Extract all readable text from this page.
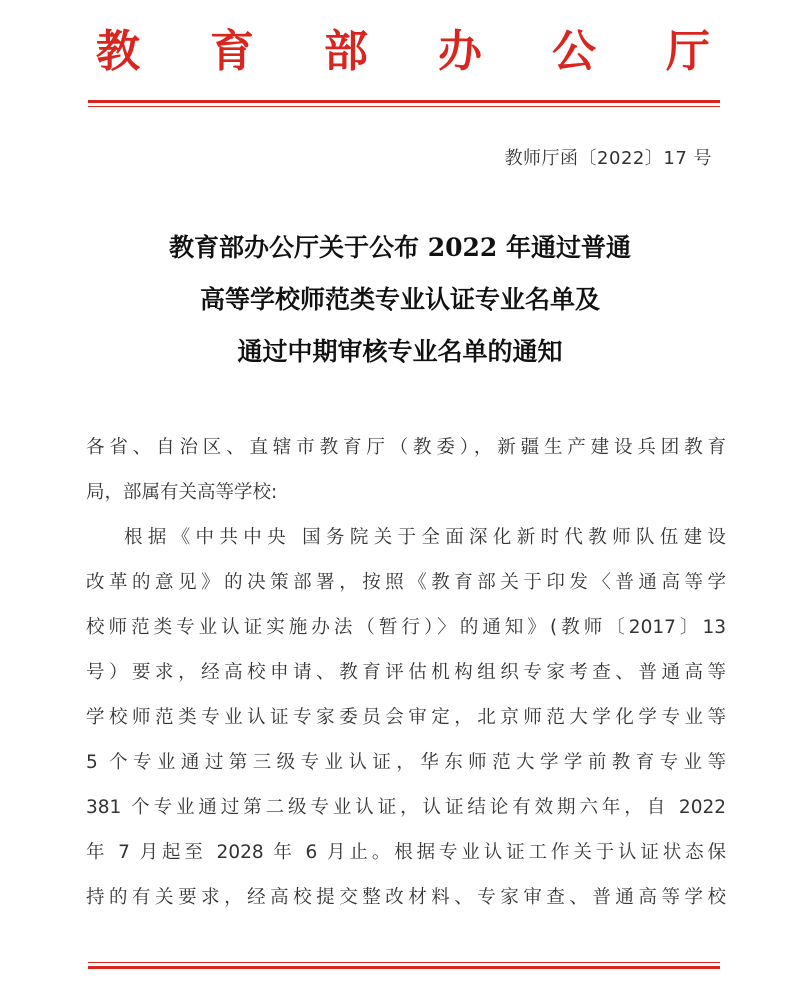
教 育 部 办 公 厅
教师厅函〔2022〕17 号
教育部办公厅关于公布 2022 年通过普通
高等学校师范类专业认证专业名单及
通过中期审核专业名单的通知
各省、自治区、直辖市教育厅（教委），新疆生产建设兵团教育
局，部属有关高等学校:
根据《中共中央 国务院关于全面深化新时代教师队伍建设
改革的意见》的决策部署，按照《教育部关于印发〈普通高等学
校师范类专业认证实施办法（暂行）〉的通知》(教师〔2017〕13
号）要求，经高校申请、教育评估机构组织专家考查、普通高等
学校师范类专业认证专家委员会审定，北京师范大学化学专业等
5 个专业通过第三级专业认证，华东师范大学学前教育专业等
381 个专业通过第二级专业认证，认证结论有效期六年，自 2022
年 7 月起至 2028 年 6 月止。根据专业认证工作关于认证状态保
持的有关要求，经高校提交整改材料、专家审查、普通高等学校
